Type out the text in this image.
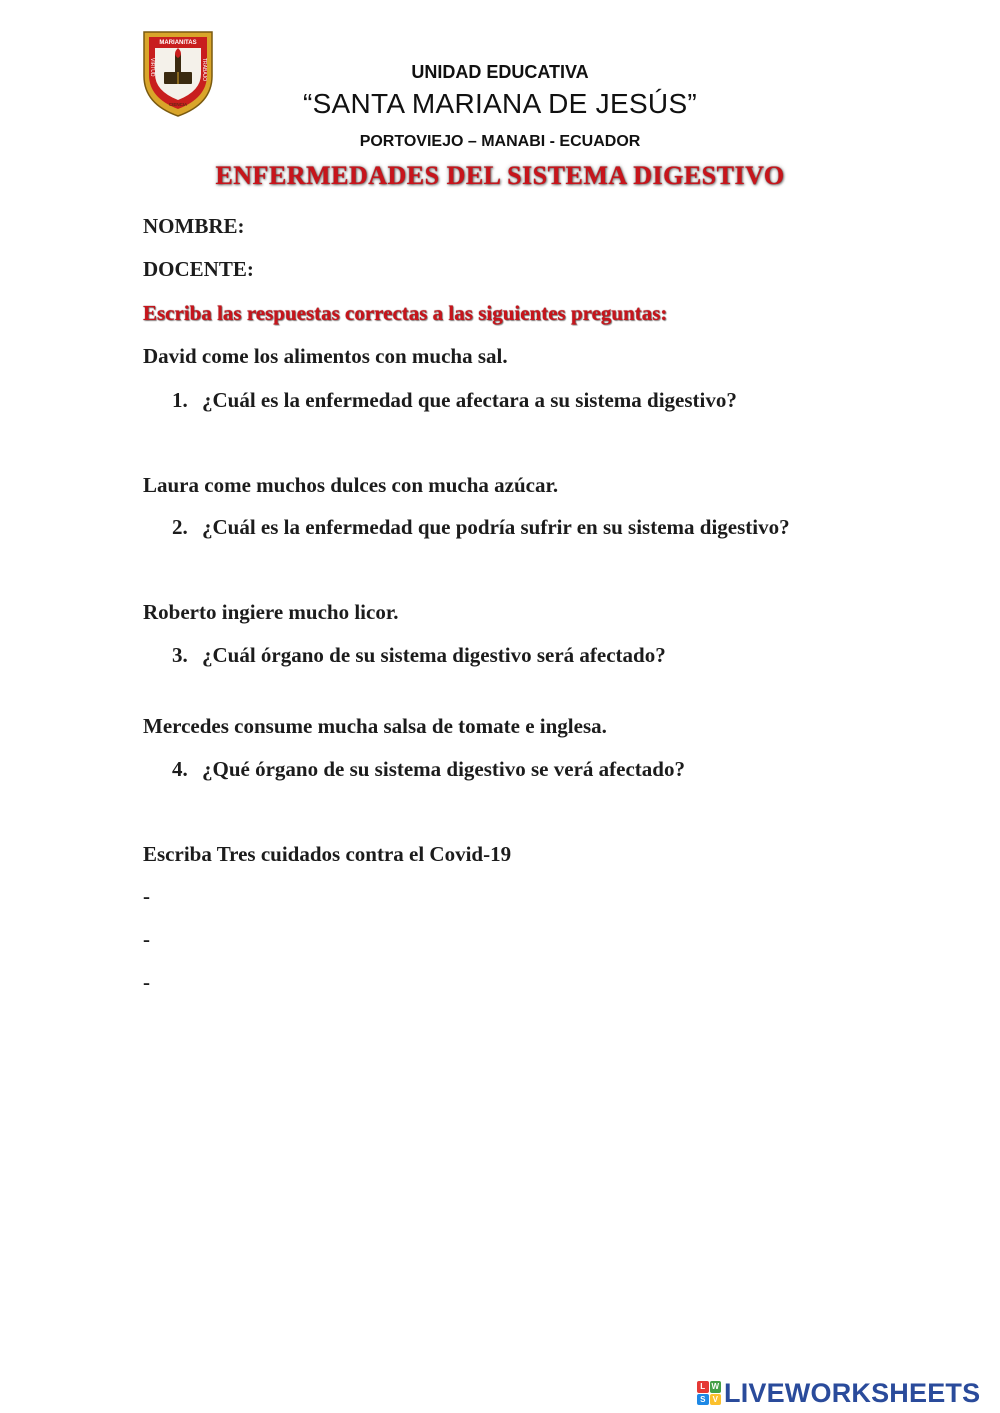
MARIANITAS
VIRTUD	TRABAJO
CIENCIA
UNIDAD EDUCATIVA
“SANTA MARIANA DE JESÚS”
PORTOVIEJO – MANABI - ECUADOR
ENFERMEDADES DEL SISTEMA DIGESTIVO
NOMBRE:
DOCENTE:
Escriba las respuestas correctas a las siguientes preguntas:
David come los alimentos con mucha sal.
1. ¿Cuál es la enfermedad que afectara a su sistema digestivo?
Laura come muchos dulces con mucha azúcar.
2. ¿Cuál es la enfermedad que podría sufrir en su sistema digestivo?
Roberto ingiere mucho licor.
3. ¿Cuál órgano de su sistema digestivo será afectado?
Mercedes consume mucha salsa de tomate e inglesa.
4. ¿Qué órgano de su sistema digestivo se verá afectado?
Escriba Tres cuidados contra el Covid-19
-
-
-
L W
S V LIVEWORKSHEETS
